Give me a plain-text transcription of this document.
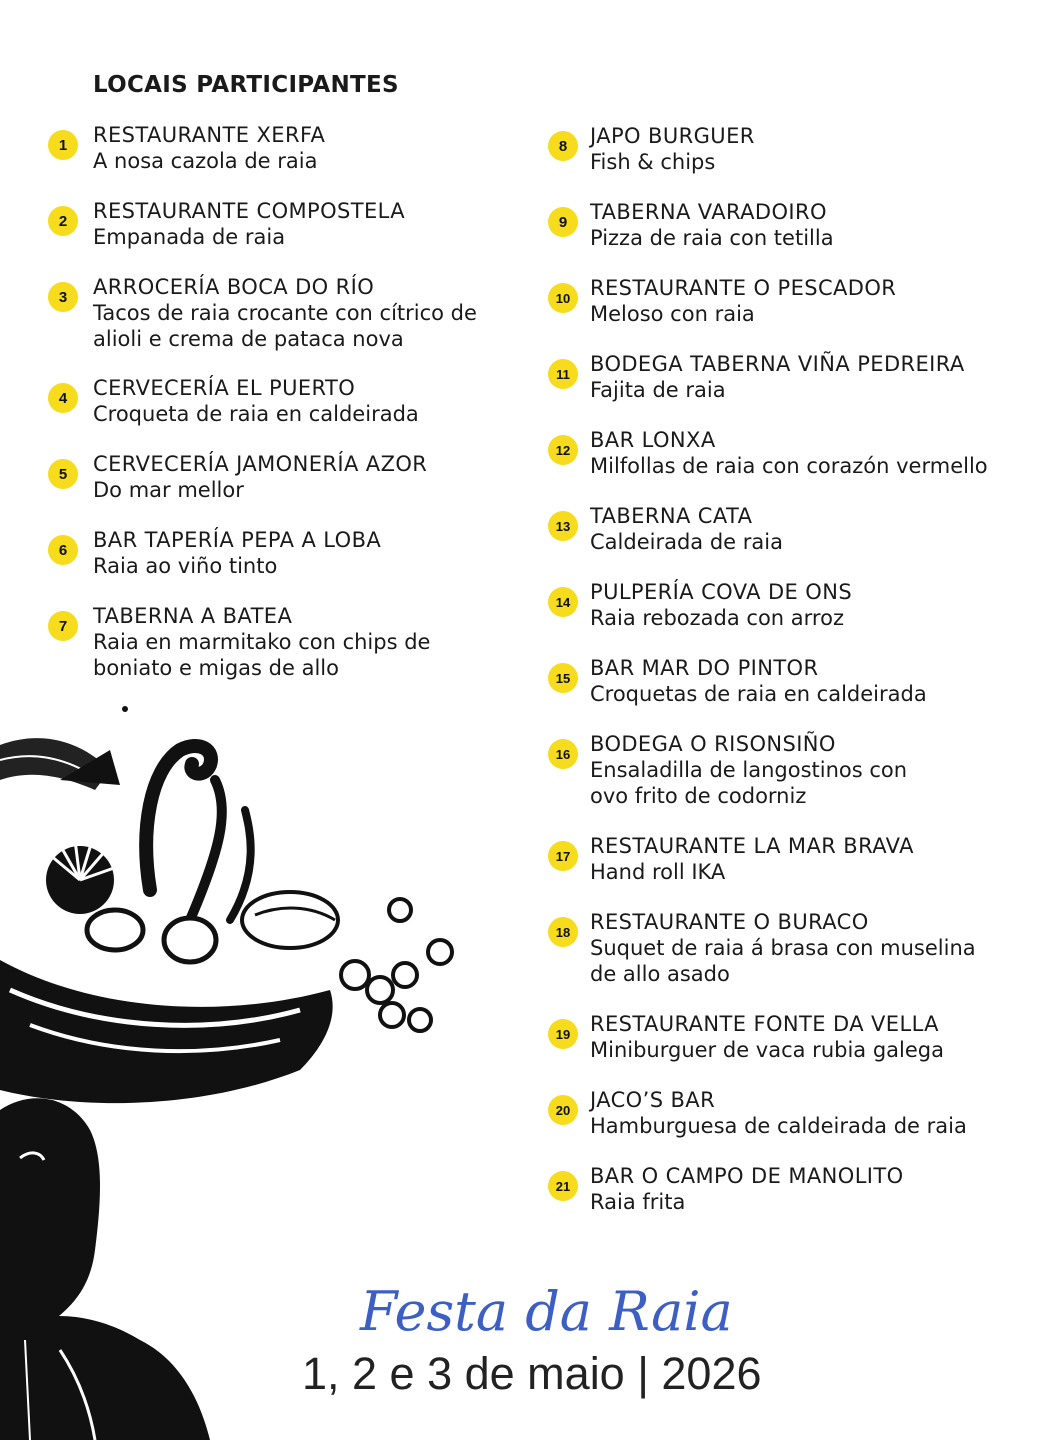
LOCAIS PARTICIPANTES
1	RESTAURANTE XERFA
A nosa cazola de raia
2	RESTAURANTE COMPOSTELA
Empanada de raia
3	ARROCERÍA BOCA DO RÍO
Tacos de raia crocante con cítrico de
alioli e crema de pataca nova
4	CERVECERÍA EL PUERTO
Croqueta de raia en caldeirada
5	CERVECERÍA JAMONERÍA AZOR
Do mar mellor
6	BAR TAPERÍA PEPA A LOBA
Raia ao viño tinto
7	TABERNA A BATEA
Raia en marmitako con chips de
boniato e migas de allo
8	JAPO BURGUER
Fish & chips
9	TABERNA VARADOIRO
Pizza de raia con tetilla
10 RESTAURANTE O PESCADOR
Meloso con raia
11 BODEGA TABERNA VIÑA PEDREIRA
Fajita de raia
12 BAR LONXA
Milfollas de raia con corazón vermello
13 TABERNA CATA
Caldeirada de raia
14 PULPERÍA COVA DE ONS
Raia rebozada con arroz
15 BAR MAR DO PINTOR
Croquetas de raia en caldeirada
16 BODEGA O RISONSIÑO
Ensaladilla de langostinos con
ovo frito de codorniz
17 RESTAURANTE LA MAR BRAVA
Hand roll IKA
18 RESTAURANTE O BURACO
Suquet de raia á brasa con muselina
de allo asado
19 RESTAURANTE FONTE DA VELLA
Miniburguer de vaca rubia galega
20 JACO’S BAR
Hamburguesa de caldeirada de raia
21 BAR O CAMPO DE MANOLITO
Raia frita
Festa da Raia
1, 2 e 3 de maio | 2026
